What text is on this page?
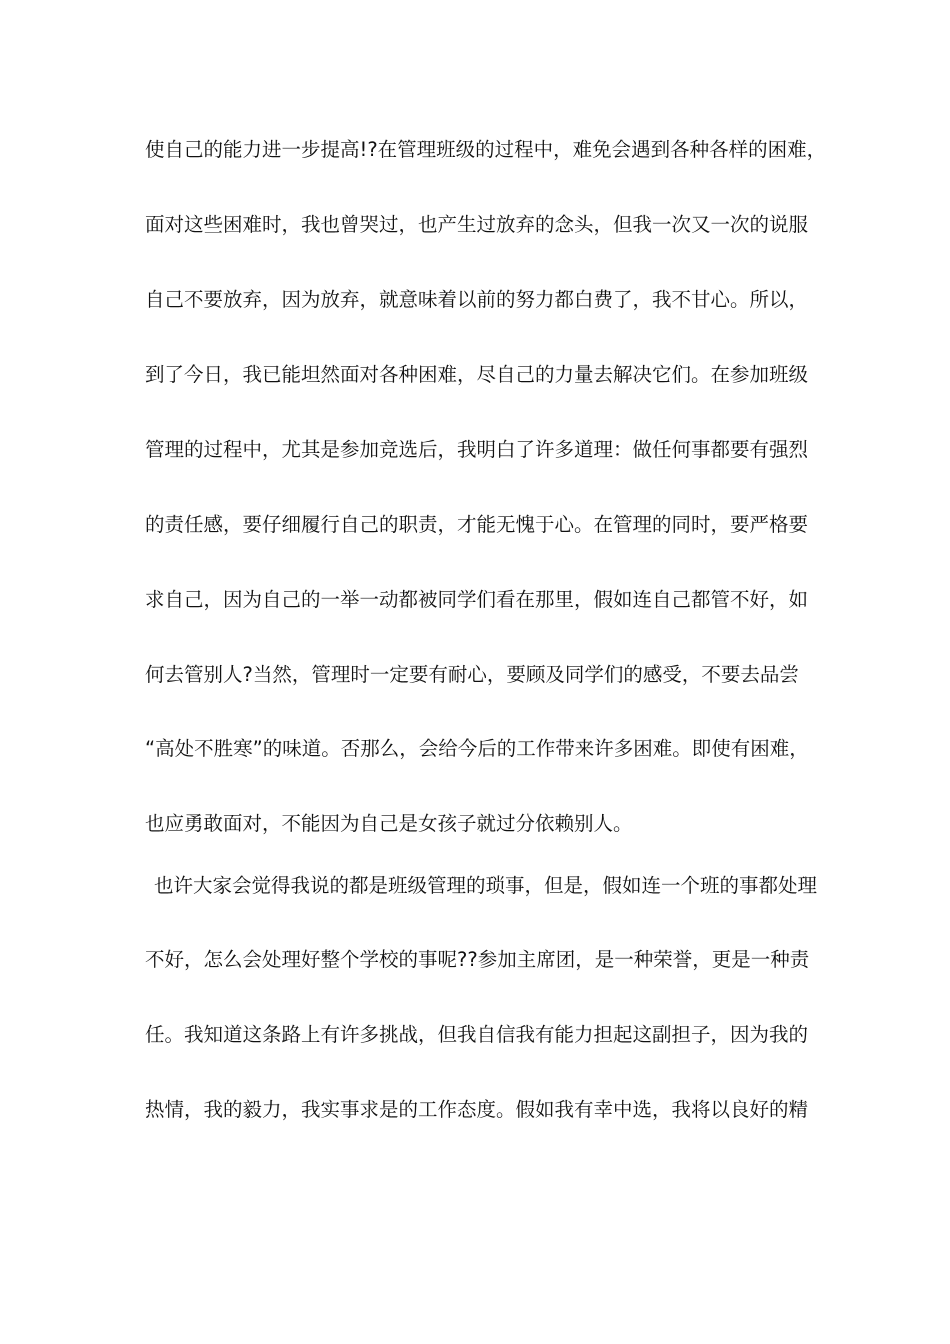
使自己的能力进一步提高!?在管理班级的过程中，难免会遇到各种各样的困难，
面对这些困难时，我也曾哭过，也产生过放弃的念头，但我一次又一次的说服
自己不要放弃，因为放弃，就意味着以前的努力都白费了，我不甘心。所以，
到了今日，我已能坦然面对各种困难，尽自己的力量去解决它们。在参加班级
管理的过程中，尤其是参加竞选后，我明白了许多道理：做任何事都要有强烈
的责任感，要仔细履行自己的职责，才能无愧于心。在管理的同时，要严格要
求自己，因为自己的一举一动都被同学们看在那里，假如连自己都管不好，如
何去管别人?当然，管理时一定要有耐心，要顾及同学们的感受，不要去品尝
“高处不胜寒”的味道。否那么，会给今后的工作带来许多困难。即使有困难，
也应勇敢面对，不能因为自己是女孩子就过分依赖别人。
也许大家会觉得我说的都是班级管理的琐事，但是，假如连一个班的事都处理
不好，怎么会处理好整个学校的事呢??参加主席团，是一种荣誉，更是一种责
任。我知道这条路上有许多挑战，但我自信我有能力担起这副担子，因为我的
热情，我的毅力，我实事求是的工作态度。假如我有幸中选，我将以良好的精
